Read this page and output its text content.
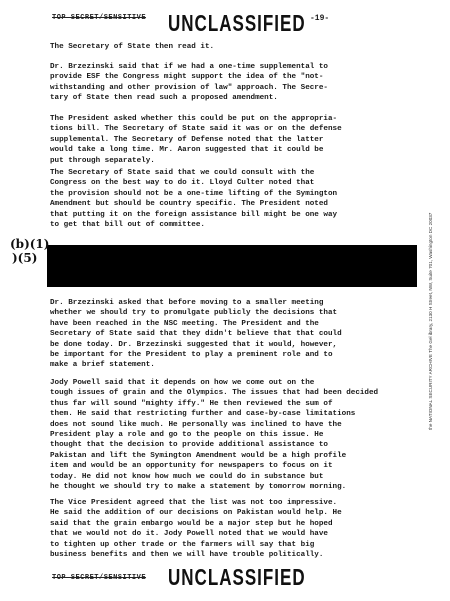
TOP SECRET/SENSITIVE UNCLASSIFIED -19-

The Secretary of State then read it.

Dr. Brzezinski said that if we had a one-time supplemental to
provide ESF the Congress might support the idea of the "not-
withstanding and other provision of law" approach. The Secre-
tary of State then read such a proposed amendment.

The President asked whether this could be put on the appropria-
tions bill. The Secretary of State said it was or on the defense
supplemental. The Secretary of Defense noted that the latter
would take a long time. Mr. Aaron suggested that it could be
put through separately.

The Secretary of State said that we could consult with the
Congress on the best way to do it. Lloyd Culter noted that
the provision should not be a one-time lifting of the Symington
Amendment but should be country specific. The President noted
that putting it on the foreign assistance bill might be one way
to get that bill out of committee.

(b)(1)
)(5)

Dr. Brzezinski asked that before moving to a smaller meeting
whether we should try to promulgate publicly the decisions that
have been reached in the NSC meeting. The President and the
Secretary of State said that they didn't believe that that could
be done today. Dr. Brzezinski suggested that it would, however,
be important for the President to play a preminent role and to
make a brief statement.

Jody Powell said that it depends on how we come out on the
tough issues of grain and the Olympics. The issues that had been decided
thus far will sound "mighty iffy." He then reviewed the sum of
them. He said that restricting further and case-by-case limitations
does not sound like much. He personally was inclined to have the
President play a role and go to the people on this issue. He
thought that the decision to provide additional assistance to
Pakistan and lift the Symington Amendment would be a high profile
item and would be an opportunity for newspapers to focus on it
today. He did not know how much we could do in substance but
he thought we should try to make a statement by tomorrow morning.

The Vice President agreed that the list was not too impressive.
He said the addition of our decisions on Pakistan would help. He
said that the grain embargo would be a major step but he hoped
that we would not do it. Jody Powell noted that we would have
to tighten up other trade or the farmers will say that big
business benefits and then we will have trouble politically.

the NATIONAL SECURITY ARCHIVE The Gel ibrary, 2130 H Street, NW, Suite 701, Washington DC 20037
TOP SECRET/SENSITIVE UNCLASSIFIED
